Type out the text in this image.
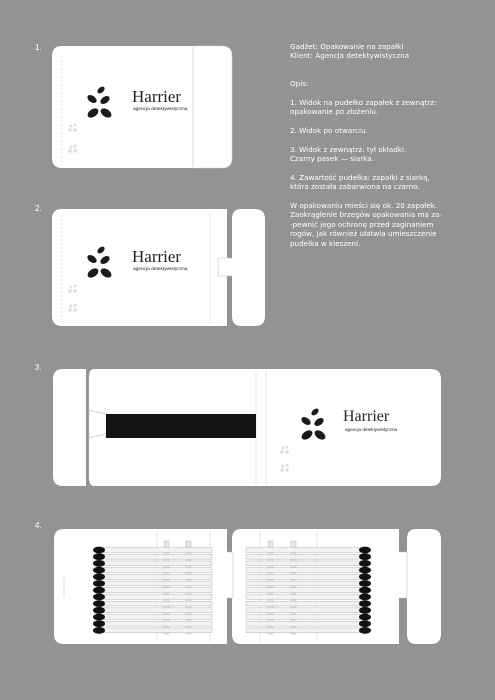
1.
2.
3.
4.
Harrier
agencja detektywistyczna
Harrier
agencja detektywistyczna
Harrier
agencja detektywistyczna

Gadżet: Opakowanie na zapałki
Klient: Agencja detektywistyczna

Opis:

1. Widok na pudełko zapałek z zewnątrz:
opakowanie po złożeniu.

2. Widok po otwarciu.

3. Widok z zewnątrz: tył okładki.
Czarny pasek — siarka.

4. Zawartość pudełka: zapałki z siarką,
która została zabarwiona na czarno.

W opakowaniu mieści się ok. 20 zapałek.
Zaokrąglenie brzegów opakowania ma za-
-pewnić jego ochronę przed zaginaniem
rogów, jak również ułatwia umieszczenie
pudełka w kieszeni.
